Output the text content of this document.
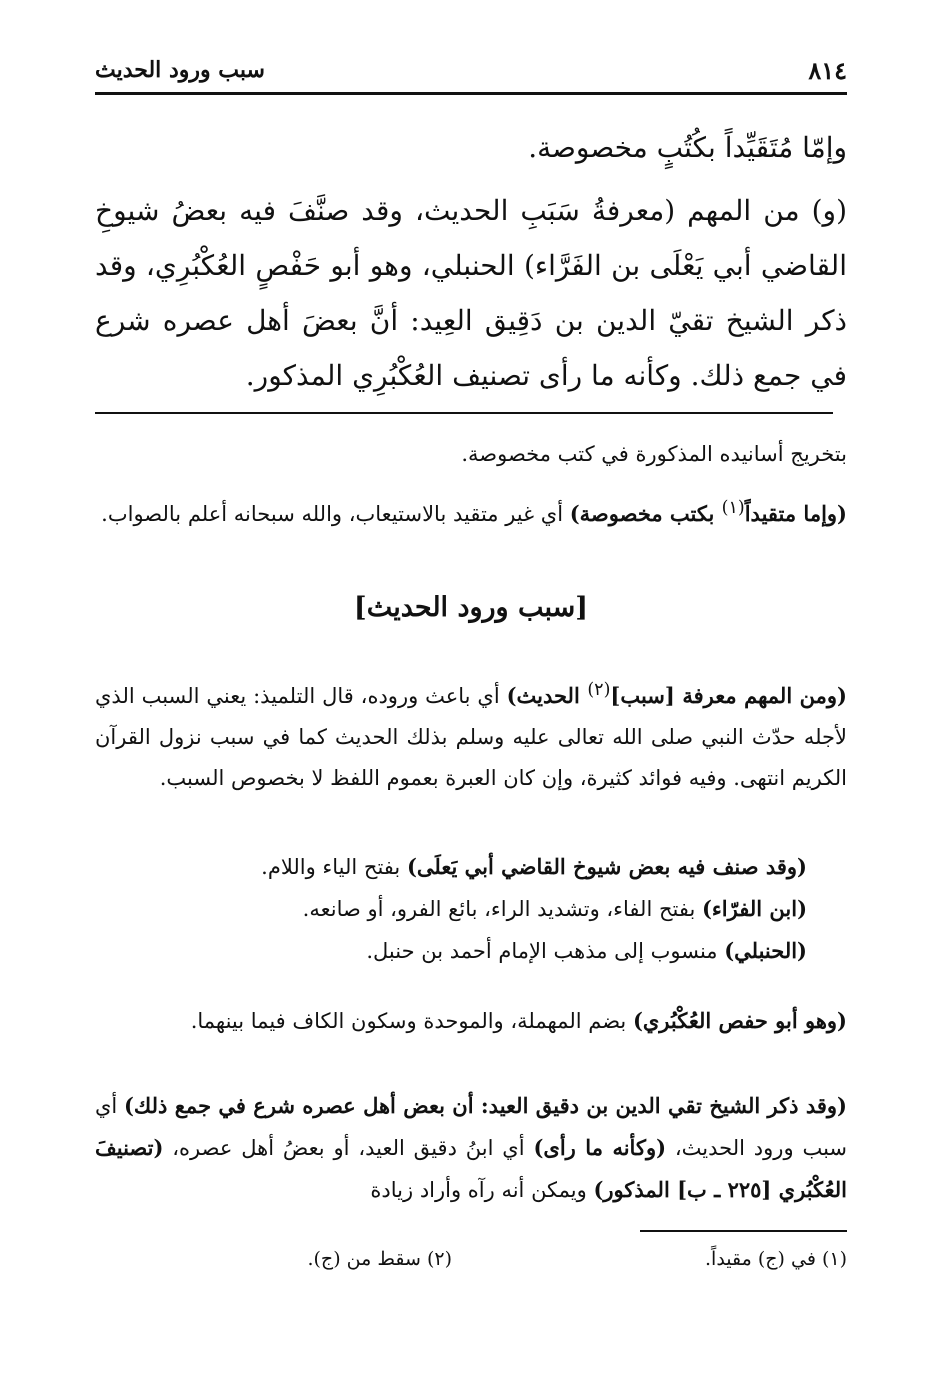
٨١٤
سبب ورود الحديث

وإمّا مُتَقَيِّداً بكُتُبٍ مخصوصة.

(و) من المهم (معرفةُ سَبَبِ الحديث، وقد صنَّفَ فيه بعضُ شيوخِ القاضي أبي يَعْلَى بن الفَرَّاء) الحنبلي، وهو أبو حَفْصٍ العُكْبُرِي، وقد ذكر الشيخ تقيّ الدين بن دَقِيق العِيد: أنَّ بعضَ أهل عصره شرع في جمع ذلك. وكأنه ما رأى تصنيف العُكْبُرِي المذكور.

بتخريج أسانيده المذكورة في كتب مخصوصة.

(وإما متقيداً$^{(١)}$ بكتب مخصوصة) أي غير متقيد بالاستيعاب، والله سبحانه أعلم بالصواب.

[سبب ورود الحديث]

(ومن المهم معرفة [سبب]$^{(٢)}$ الحديث) أي باعث وروده، قال التلميذ: يعني السبب الذي لأجله حدّث النبي صلى الله تعالى عليه وسلم بذلك الحديث كما في سبب نزول القرآن الكريم انتهى. وفيه فوائد كثيرة، وإن كان العبرة بعموم اللفظ لا بخصوص السبب.

(وقد صنف فيه بعض شيوخ القاضي أبي يَعلَى) بفتح الياء واللام.

(ابن الفرّاء) بفتح الفاء، وتشديد الراء، بائع الفرو، أو صانعه.

(الحنبلي) منسوب إلى مذهب الإمام أحمد بن حنبل.

(وهو أبو حفص العُكْبُري) بضم المهملة، والموحدة وسكون الكاف فيما بينهما.

(وقد ذكر الشيخ تقي الدين بن دقيق العيد: أن بعض أهل عصره شرع في جمع ذلك) أي سبب ورود الحديث، (وكأنه ما رأى) أي ابنُ دقيق العيد، أو بعضُ أهل عصره، (تصنيفَ العُكْبُري [٢٢٥ ـ ب] المذكور) ويمكن أنه رآه وأراد زيادة

(١) في (ج) مقيداً.
(٢) سقط من (ج).
